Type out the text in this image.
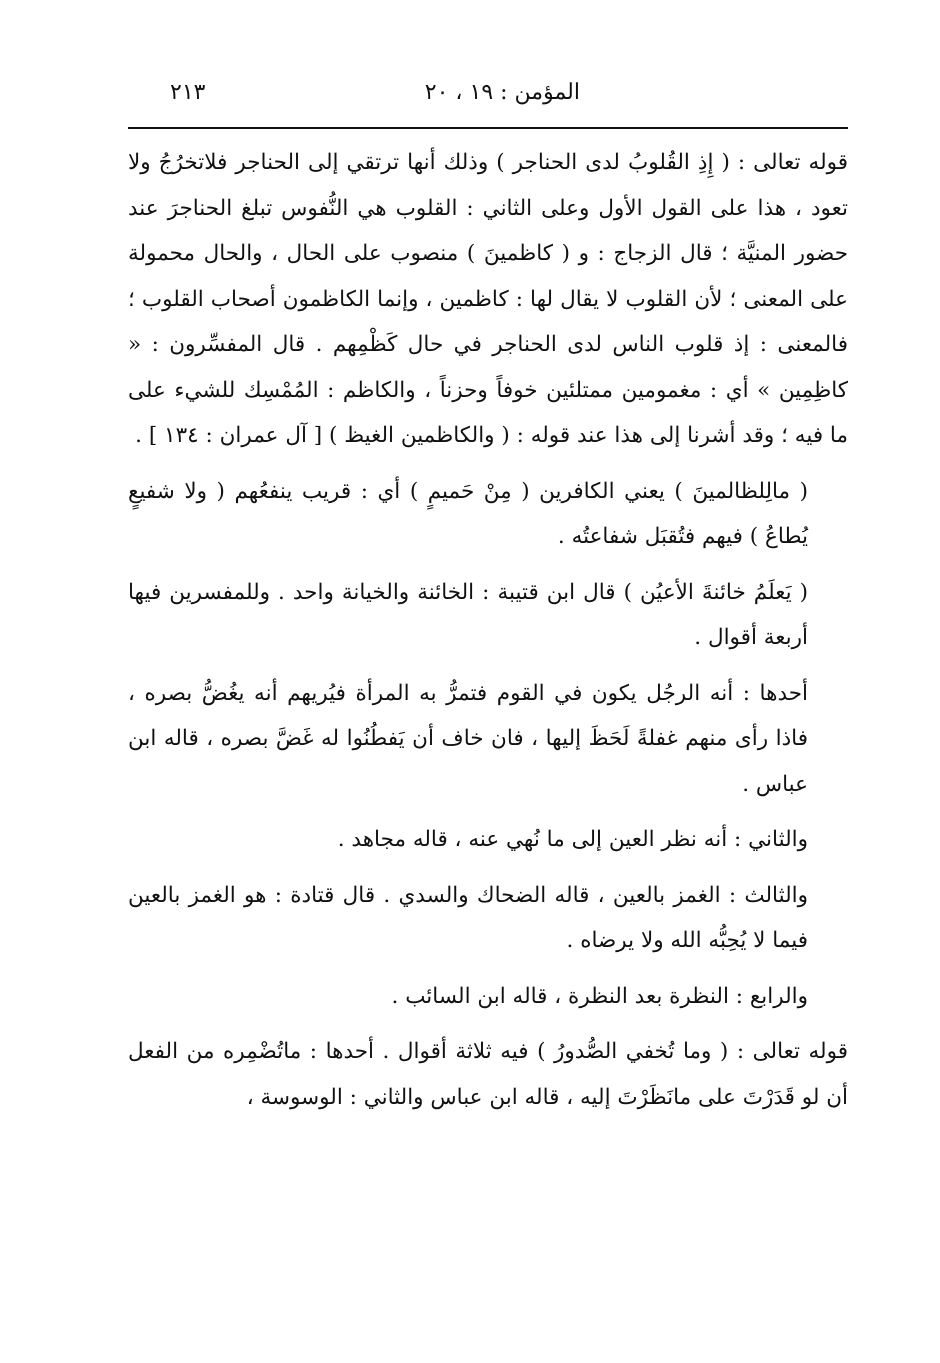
المؤمن : ١٩ ، ٢٠
٢١٣

قوله تعالى : ( إِذِ القُلوبُ لدى الحناجر ) وذلك أنها ترتقي إلى الحناجر فلاتخرُجُ ولا تعود ، هذا على القول الأول وعلى الثاني : القلوب هي النُّفوس تبلغ الحناجرَ عند حضور المنيَّة ؛ قال الزجاج : و ( كاظمينَ ) منصوب على الحال ، والحال محمولة على المعنى ؛ لأن القلوب لا يقال لها : كاظمين ، وإنما الكاظمون أصحاب القلوب ؛ فالمعنى : إذ قلوب الناس لدى الحناجر في حال كَظْمِهم . قال المفسِّرون : « كاظِمِين » أي : مغمومين ممتلئين خوفاً وحزناً ، والكاظم : المُمْسِك للشيء على ما فيه ؛ وقد أشرنا إلى هذا عند قوله : ( والكاظمين الغيظ ) [ آل عمران : ١٣٤ ] .

( مالِلظالمينَ ) يعني الكافرين ( مِنْ حَميمٍ ) أي : قريب ينفعُهم ( ولا شفيعٍ يُطاعُ ) فيهم فتُقبَل شفاعتُه .

( يَعلَمُ خائنةَ الأعيُن ) قال ابن قتيبة : الخائنة والخيانة واحد . وللمفسرين فيها أربعة أقوال .

أحدها : أنه الرجُل يكون في القوم فتمرُّ به المرأة فيُريهم أنه يغُضُّ بصره ، فاذا رأى منهم غفلةً لَحَظَ إليها ، فان خاف أن يَفطُنُوا له غَضَّ بصره ، قاله ابن عباس .

والثاني : أنه نظر العين إلى ما نُهي عنه ، قاله مجاهد .

والثالث : الغمز بالعين ، قاله الضحاك والسدي . قال قتادة : هو الغمز بالعين فيما لا يُحِبُّه الله ولا يرضاه .

والرابع : النظرة بعد النظرة ، قاله ابن السائب .

قوله تعالى : ( وما تُخفي الصُّدورُ ) فيه ثلاثة أقوال . أحدها : ماتُضْمِره من الفعل أن لو قَدَرْتَ على مانَظَرْتَ إليه ، قاله ابن عباس والثاني : الوسوسة ،
